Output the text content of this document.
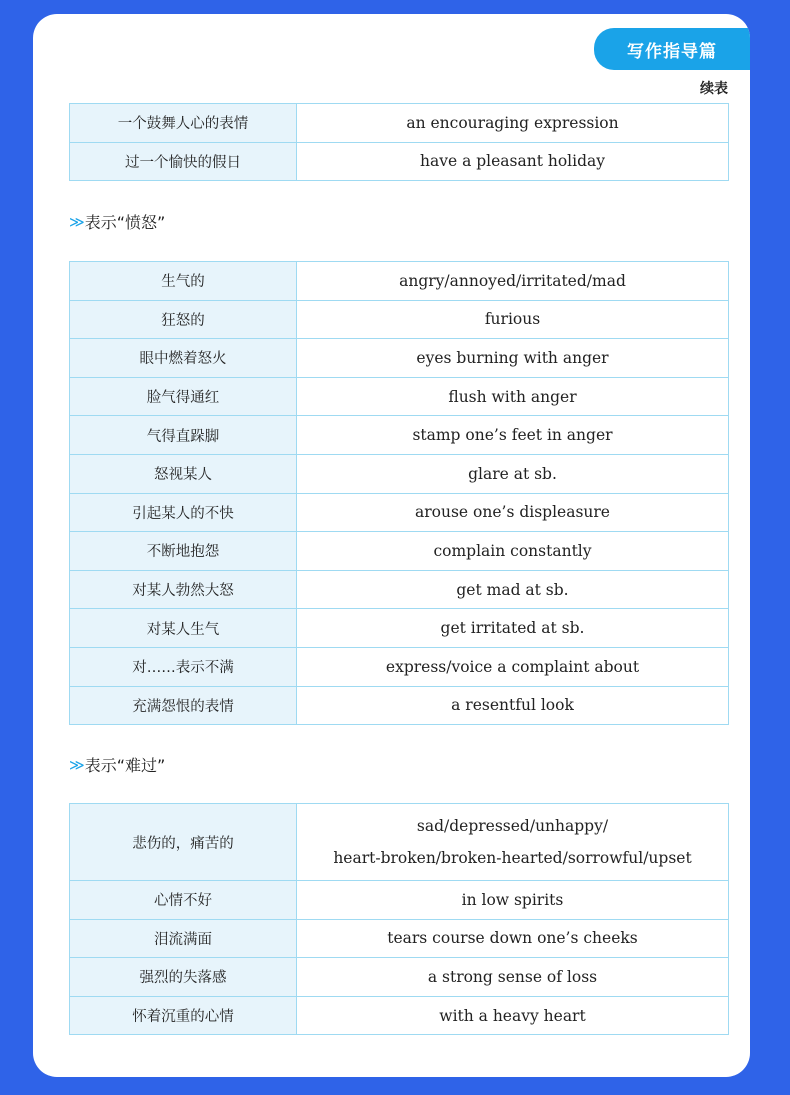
写作指导篇
续表
一个鼓舞人心的表情	an encouraging expression
过一个愉快的假日	have a pleasant holiday
≫ 表示“愤怒”
生气的	angry/annoyed/irritated/mad
狂怒的	furious
眼中燃着怒火	eyes burning with anger
脸气得通红	flush with anger
气得直跺脚	stamp one’s feet in anger
怒视某人	glare at sb.
引起某人的不快	arouse one’s displeasure
不断地抱怨	complain constantly
对某人勃然大怒	get mad at sb.
对某人生气	get irritated at sb.
对……表示不满	express/voice a complaint about
充满怨恨的表情	a resentful look
≫ 表示“难过”
悲伤的，痛苦的	sad/depressed/unhappy/
heart-broken/broken-hearted/sorrowful/upset
心情不好	in low spirits
泪流满面	tears course down one’s cheeks
强烈的失落感	a strong sense of loss
怀着沉重的心情	with a heavy heart
